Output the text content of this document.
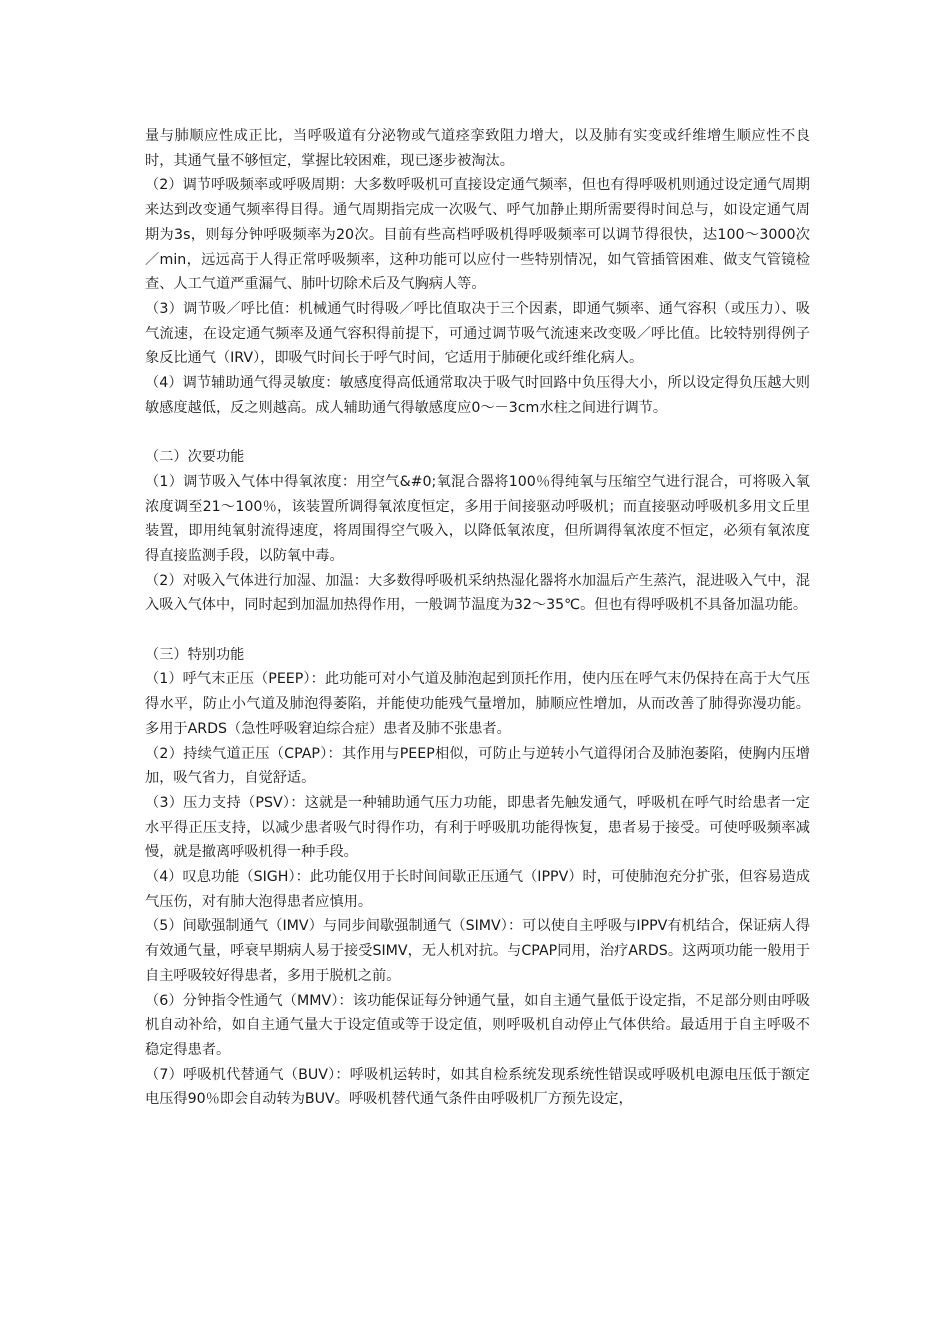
量与肺顺应性成正比，当呼吸道有分泌物或气道痉挛致阻力增大，以及肺有实变或纤维增生顺应性不良时，其通气量不够恒定，掌握比较困难，现已逐步被淘汰。

（2）调节呼吸频率或呼吸周期：大多数呼吸机可直接设定通气频率，但也有得呼吸机则通过设定通气周期来达到改变通气频率得目得。通气周期指完成一次吸气、呼气加静止期所需要得时间总与，如设定通气周期为3s，则每分钟呼吸频率为20次。目前有些高档呼吸机得呼吸频率可以调节得很快，达100～3000次／min，远远高于人得正常呼吸频率，这种功能可以应付一些特别情况，如气管插管困难、做支气管镜检查、人工气道严重漏气、肺叶切除术后及气胸病人等。

（3）调节吸／呼比值：机械通气时得吸／呼比值取决于三个因素，即通气频率、通气容积（或压力）、吸气流速，在设定通气频率及通气容积得前提下，可通过调节吸气流速来改变吸／呼比值。比较特别得例子象反比通气（IRV），即吸气时间长于呼气时间，它适用于肺硬化或纤维化病人。

（4）调节辅助通气得灵敏度：敏感度得高低通常取决于吸气时回路中负压得大小，所以设定得负压越大则敏感度越低，反之则越高。成人辅助通气得敏感度应0～－3cm水柱之间进行调节。

（二）次要功能

（1）调节吸入气体中得氧浓度：用空气&#0;氧混合器将100％得纯氧与压缩空气进行混合，可将吸入氧浓度调至21～100％，该装置所调得氧浓度恒定，多用于间接驱动呼吸机；而直接驱动呼吸机多用文丘里装置，即用纯氧射流得速度，将周围得空气吸入，以降低氧浓度，但所调得氧浓度不恒定，必须有氧浓度得直接监测手段，以防氧中毒。

（2）对吸入气体进行加湿、加温：大多数得呼吸机采纳热湿化器将水加温后产生蒸汽，混进吸入气中，混入吸入气体中，同时起到加温加热得作用，一般调节温度为32～35℃。但也有得呼吸机不具备加温功能。

（三）特别功能

（1）呼气末正压（PEEP）：此功能可对小气道及肺泡起到顶托作用，使内压在呼气末仍保持在高于大气压得水平，防止小气道及肺泡得萎陷，并能使功能残气量增加，肺顺应性增加，从而改善了肺得弥漫功能。多用于ARDS（急性呼吸窘迫综合症）患者及肺不张患者。

（2）持续气道正压（CPAP）：其作用与PEEP相似，可防止与逆转小气道得闭合及肺泡萎陷，使胸内压增加，吸气省力，自觉舒适。

（3）压力支持（PSV）：这就是一种辅助通气压力功能，即患者先触发通气，呼吸机在呼气时给患者一定水平得正压支持，以减少患者吸气时得作功，有利于呼吸肌功能得恢复，患者易于接受。可使呼吸频率减慢，就是撤离呼吸机得一种手段。

（4）叹息功能（SIGH）：此功能仅用于长时间间歇正压通气（IPPV）时，可使肺泡充分扩张，但容易造成气压伤，对有肺大泡得患者应慎用。

（5）间歇强制通气（IMV）与同步间歇强制通气（SIMV）：可以使自主呼吸与IPPV有机结合，保证病人得有效通气量，呼衰早期病人易于接受SIMV，无人机对抗。与CPAP同用，治疗ARDS。这两项功能一般用于自主呼吸较好得患者，多用于脱机之前。

（6）分钟指令性通气（MMV）：该功能保证每分钟通气量，如自主通气量低于设定指，不足部分则由呼吸机自动补给，如自主通气量大于设定值或等于设定值，则呼吸机自动停止气体供给。最适用于自主呼吸不稳定得患者。

（7）呼吸机代替通气（BUV）：呼吸机运转时，如其自检系统发现系统性错误或呼吸机电源电压低于额定电压得90％即会自动转为BUV。呼吸机替代通气条件由呼吸机厂方预先设定，
